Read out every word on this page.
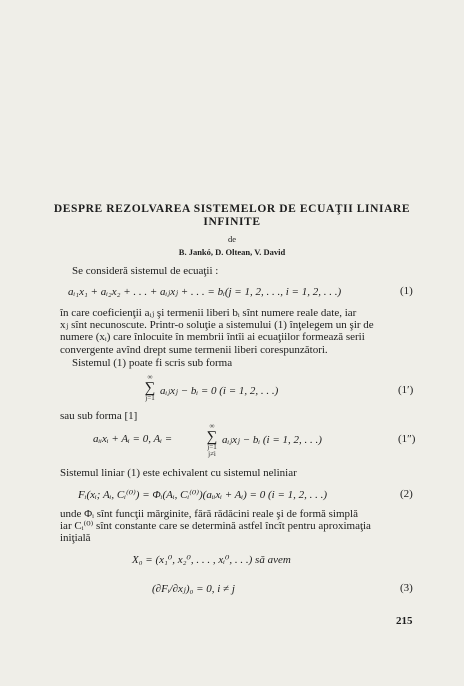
DESPRE REZOLVAREA SISTEMELOR DE ECUAŢII LINIARE
INFINITE
de
B. Jankó, D. Oltean, V. David
Se consideră sistemul de ecuaţii :
aᵢ₁x₁ + aᵢ₂x₂ + . . . + aᵢⱼxⱼ + . . . = bᵢ(j = 1, 2, . . ., i = 1, 2, . . .)	(1)
în care coeficienţii aᵢⱼ şi termenii liberi bᵢ sînt numere reale date, iar
xⱼ sînt necunoscute. Printr-o soluţie a sistemului (1) înţelegem un şir de
numere (xᵢ) care înlocuite în membrii întîi ai ecuaţiilor formează serii
convergente avînd drept sume termenii liberi corespunzători.
Sistemul (1) poate fi scris sub forma
∞
∑
j=1
aᵢⱼxⱼ − bᵢ = 0 (i = 1, 2, . . .)	(1′)
sau sub forma [1]
aᵢᵢxᵢ + Aᵢ = 0, Aᵢ =
∞
∑
j=1
j≠i
aᵢⱼxⱼ − bᵢ (i = 1, 2, . . .)	(1″)
Sistemul liniar (1) este echivalent cu sistemul neliniar
Fᵢ(xᵢ; Aᵢ, Cᵢ⁽⁰⁾) = Φᵢ(Aᵢ, Cᵢ⁽⁰⁾)(aᵢᵢxᵢ + Aᵢ) = 0 (i = 1, 2, . . .)	(2)
unde Φᵢ sînt funcţii mărginite, fără rădăcini reale şi de formă simplă
iar Cᵢ⁽⁰⁾ sînt constante care se determină astfel încît pentru aproximaţia
iniţială
X₀ = (x₁⁰, x₂⁰, . . . , xᵢ⁰, . . .) să avem
(∂Fᵢ/∂xⱼ)₀ = 0, i ≠ j	(3)
215
